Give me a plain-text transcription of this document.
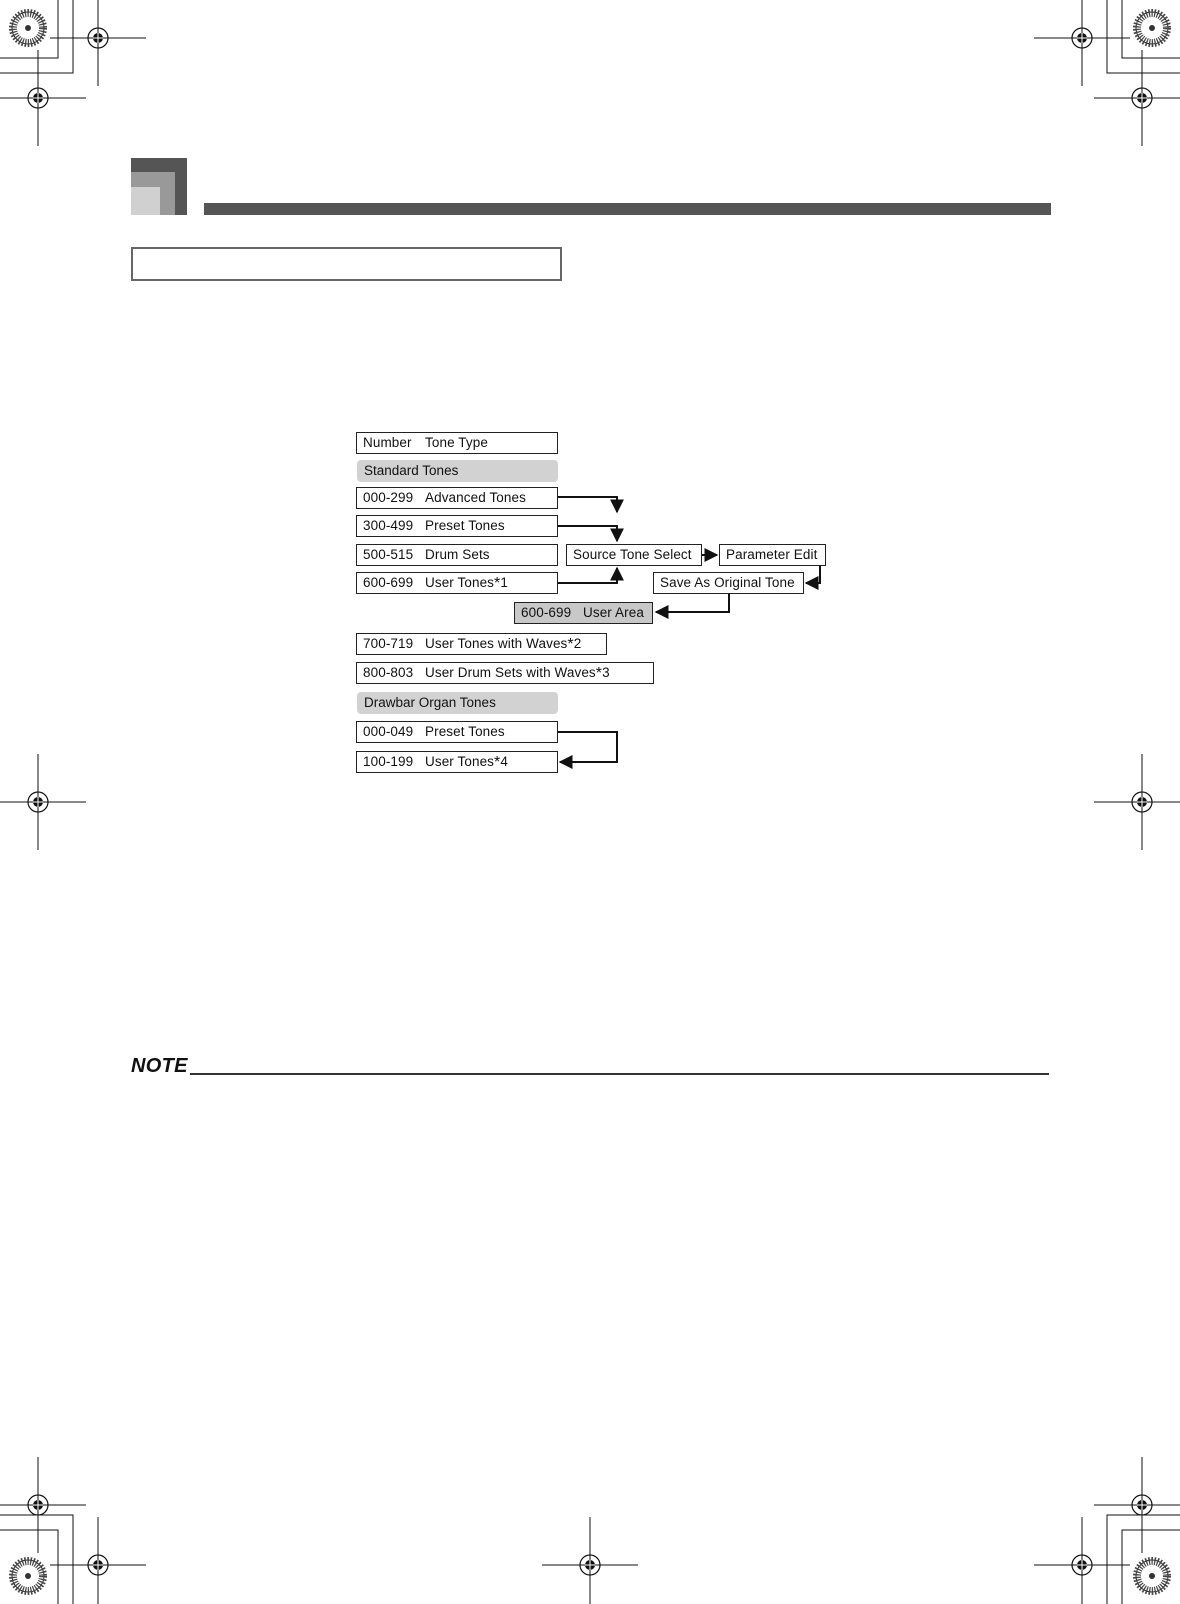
Number Tone Type
Standard Tones
000-299 Advanced Tones
300-499 Preset Tones
500-515 Drum Sets
600-699 User Tones*1
Source Tone Select	Parameter Edit
Save As Original Tone
600-699 User Area
700-719 User Tones with Waves*2
800-803 User Drum Sets with Waves*3
Drawbar Organ Tones
000-049 Preset Tones
100-199 User Tones*4
NOTE
